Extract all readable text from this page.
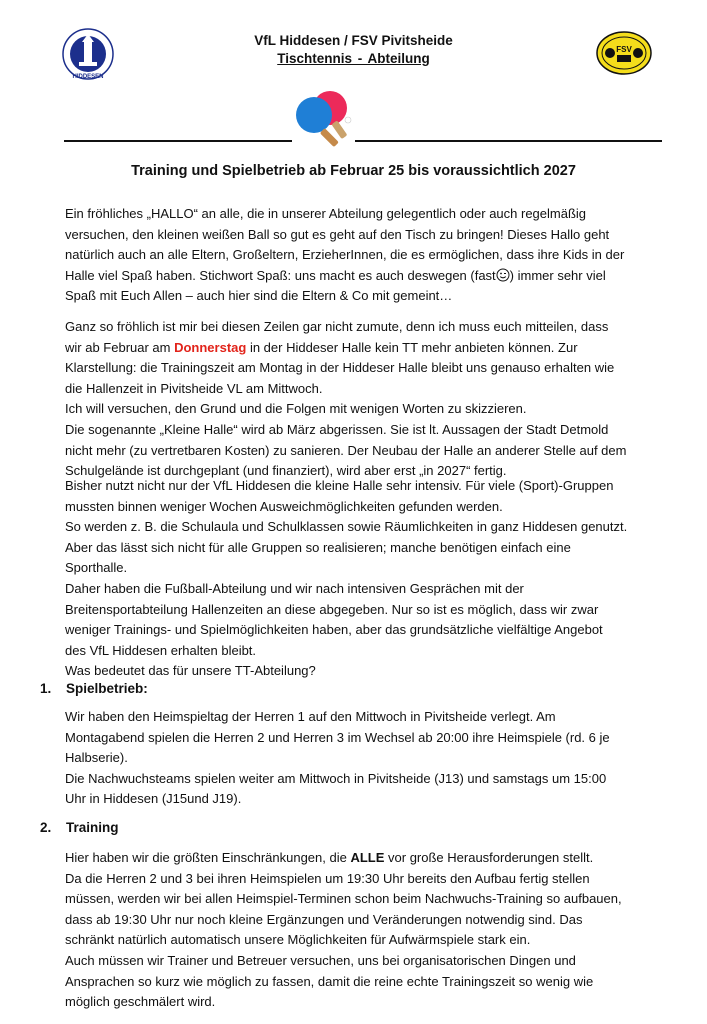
HIDDESEN
FSV
VfL Hiddesen / FSV Pivitsheide
Tischtennis - Abteilung
Training und Spielbetrieb ab Februar 25 bis voraussichtlich 2027
Ein fröhliches „HALLO“ an alle, die in unserer Abteilung gelegentlich oder auch regelmäßig
versuchen, den kleinen weißen Ball so gut es geht auf den Tisch zu bringen! Dieses Hallo geht
natürlich auch an alle Eltern, Großeltern, ErzieherInnen, die es ermöglichen, dass ihre Kids in der
Halle viel Spaß haben. Stichwort Spaß: uns macht es auch deswegen (fast ) immer sehr viel
Spaß mit Euch Allen – auch hier sind die Eltern & Co mit gemeint…
Ganz so fröhlich ist mir bei diesen Zeilen gar nicht zumute, denn ich muss euch mitteilen, dass
wir ab Februar am Donnerstag in der Hiddeser Halle kein TT mehr anbieten können. Zur
Klarstellung: die Trainingszeit am Montag in der Hiddeser Halle bleibt uns genauso erhalten wie
die Hallenzeit in Pivitsheide VL am Mittwoch.
Ich will versuchen, den Grund und die Folgen mit wenigen Worten zu skizzieren.
Die sogenannte „Kleine Halle“ wird ab März abgerissen. Sie ist lt. Aussagen der Stadt Detmold
nicht mehr (zu vertretbaren Kosten) zu sanieren. Der Neubau der Halle an anderer Stelle auf dem
Schulgelände ist durchgeplant (und finanziert), wird aber erst „in 2027“ fertig.
Bisher nutzt nicht nur der VfL Hiddesen die kleine Halle sehr intensiv. Für viele (Sport)-Gruppen
mussten binnen weniger Wochen Ausweichmöglichkeiten gefunden werden.
So werden z. B. die Schulaula und Schulklassen sowie Räumlichkeiten in ganz Hiddesen genutzt.
Aber das lässt sich nicht für alle Gruppen so realisieren; manche benötigen einfach eine
Sporthalle.
Daher haben die Fußball-Abteilung und wir nach intensiven Gesprächen mit der
Breitensportabteilung Hallenzeiten an diese abgegeben. Nur so ist es möglich, dass wir zwar
weniger Trainings- und Spielmöglichkeiten haben, aber das grundsätzliche vielfältige Angebot
des VfL Hiddesen erhalten bleibt.
Was bedeutet das für unsere TT-Abteilung?
1. Spielbetrieb:
Wir haben den Heimspieltag der Herren 1 auf den Mittwoch in Pivitsheide verlegt. Am
Montagabend spielen die Herren 2 und Herren 3 im Wechsel ab 20:00 ihre Heimspiele (rd. 6 je
Halbserie).
Die Nachwuchsteams spielen weiter am Mittwoch in Pivitsheide (J13) und samstags um 15:00
Uhr in Hiddesen (J15und J19).
2. Training
Hier haben wir die größten Einschränkungen, die ALLE vor große Herausforderungen stellt.
Da die Herren 2 und 3 bei ihren Heimspielen um 19:30 Uhr bereits den Aufbau fertig stellen
müssen, werden wir bei allen Heimspiel-Terminen schon beim Nachwuchs-Training so aufbauen,
dass ab 19:30 Uhr nur noch kleine Ergänzungen und Veränderungen notwendig sind. Das
schränkt natürlich automatisch unsere Möglichkeiten für Aufwärmspiele stark ein.
Auch müssen wir Trainer und Betreuer versuchen, uns bei organisatorischen Dingen und
Ansprachen so kurz wie möglich zu fassen, damit die reine echte Trainingszeit so wenig wie
möglich geschmälert wird.
